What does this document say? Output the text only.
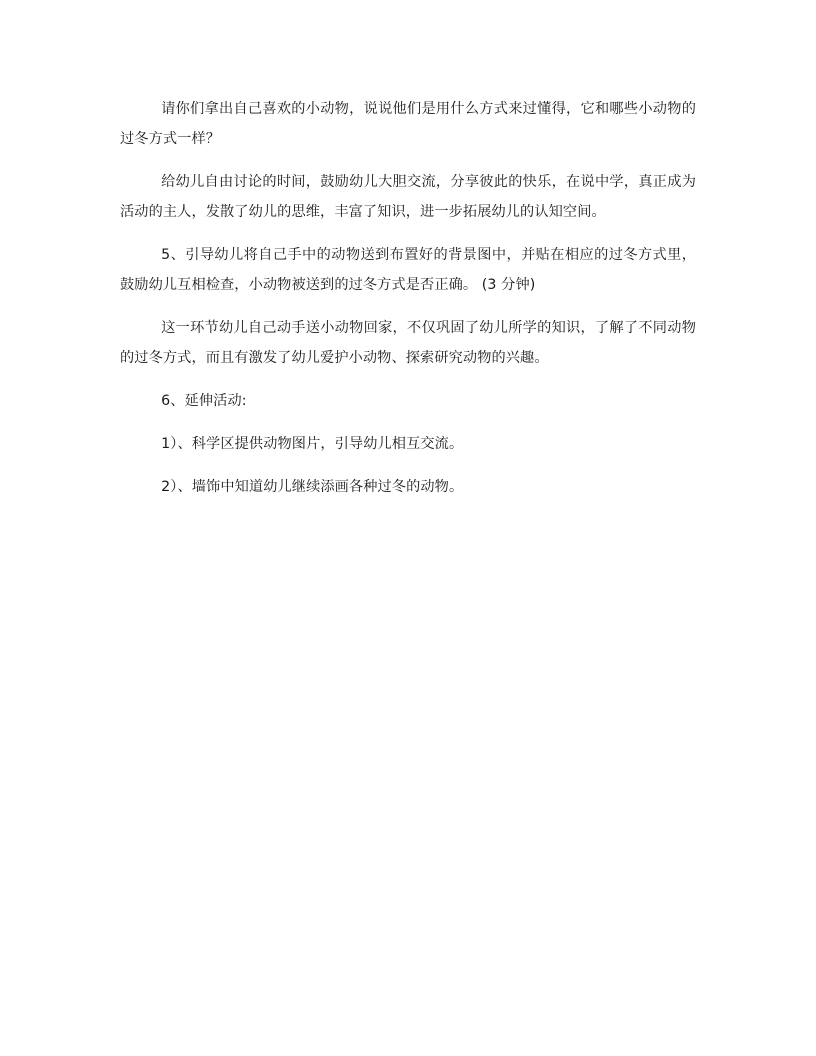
请你们拿出自己喜欢的小动物，说说他们是用什么方式来过懂得，它和哪些小动物的过冬方式一样？

给幼儿自由讨论的时间，鼓励幼儿大胆交流，分享彼此的快乐，在说中学，真正成为活动的主人，发散了幼儿的思维，丰富了知识，进一步拓展幼儿的认知空间。

5、引导幼儿将自己手中的动物送到布置好的背景图中，并贴在相应的过冬方式里，鼓励幼儿互相检查，小动物被送到的过冬方式是否正确。 (3 分钟)

这一环节幼儿自己动手送小动物回家，不仅巩固了幼儿所学的知识，了解了不同动物的过冬方式，而且有激发了幼儿爱护小动物、探索研究动物的兴趣。

6、延伸活动:

1）、科学区提供动物图片，引导幼儿相互交流。

2）、墙饰中知道幼儿继续添画各种过冬的动物。
